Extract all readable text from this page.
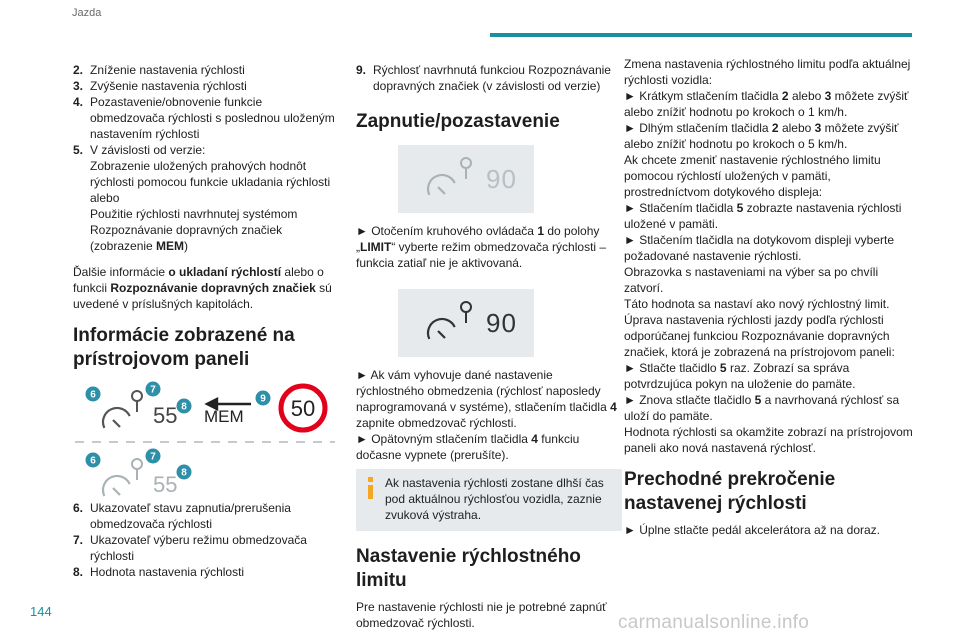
Jazda
2. Zníženie nastavenia rýchlosti
3. Zvýšenie nastavenia rýchlosti
4. Pozastavenie/obnovenie funkcie obmedzovača rýchlosti s poslednou uloženým nastavením rýchlosti
5. V závislosti od verzie:
Zobrazenie uložených prahových hodnôt rýchlosti pomocou funkcie ukladania rýchlosti
alebo
Použitie rýchlosti navrhnutej systémom Rozpoznávanie dopravných značiek
(zobrazenie MEM)

Ďalšie informácie o ukladaní rýchlostí alebo o funkcii Rozpoznávanie dopravných značiek sú uvedené v príslušných kapitolách.

Informácie zobrazené na prístrojovom paneli
6	7
8
9
6	7
8
55 MEM 50
55
6. Ukazovateľ stavu zapnutia/prerušenia obmedzovača rýchlosti
7. Ukazovateľ výberu režimu obmedzovača rýchlosti
8. Hodnota nastavenia rýchlosti
9. Rýchlosť navrhnutá funkciou Rozpoznávanie dopravných značiek (v závislosti od verzie)
Zapnutie/pozastavenie
90

► Otočením kruhového ovládača 1 do polohy „LIMIT“ vyberte režim obmedzovača rýchlosti – funkcia zatiaľ nie je aktivovaná.

90

► Ak vám vyhovuje dané nastavenie rýchlostného obmedzenia (rýchlosť naposledy naprogramovaná v systéme), stlačením tlačidla 4 zapnite obmedzovač rýchlosti.

► Opätovným stlačením tlačidla 4 funkciu dočasne vypnete (prerušíte).

Ak nastavenia rýchlosti zostane dlhší čas pod aktuálnou rýchlosťou vozidla, zaznie zvuková výstraha.

Nastavenie rýchlostného limitu

Pre nastavenie rýchlosti nie je potrebné zapnúť obmedzovač rýchlosti.

Zmena nastavenia rýchlostného limitu podľa aktuálnej rýchlosti vozidla:

► Krátkym stlačením tlačidla 2 alebo 3 môžete zvýšiť alebo znížiť hodnotu po krokoch o 1 km/h.

► Dlhým stlačením tlačidla 2 alebo 3 môžete zvýšiť alebo znížiť hodnotu po krokoch o 5 km/h.

Ak chcete zmeniť nastavenie rýchlostného limitu pomocou rýchlostí uložených v pamäti, prostredníctvom dotykového displeja:

► Stlačením tlačidla 5 zobrazte nastavenia rýchlosti uložené v pamäti.

► Stlačením tlačidla na dotykovom displeji vyberte požadované nastavenie rýchlosti.

Obrazovka s nastaveniami na výber sa po chvíli zatvorí.

Táto hodnota sa nastaví ako nový rýchlostný limit.

Úprava nastavenia rýchlosti jazdy podľa rýchlosti odporúčanej funkciou Rozpoznávanie dopravných značiek, ktorá je zobrazená na prístrojovom paneli:

► Stlačte tlačidlo 5 raz. Zobrazí sa správa potvrdzujúca pokyn na uloženie do pamäte.

► Znova stlačte tlačidlo 5 a navrhovaná rýchlosť sa uloží do pamäte.

Hodnota rýchlosti sa okamžite zobrazí na prístrojovom paneli ako nová nastavená rýchlosť.

Prechodné prekročenie nastavenej rýchlosti

► Úplne stlačte pedál akcelerátora až na doraz.

144
carmanualsonline.info
